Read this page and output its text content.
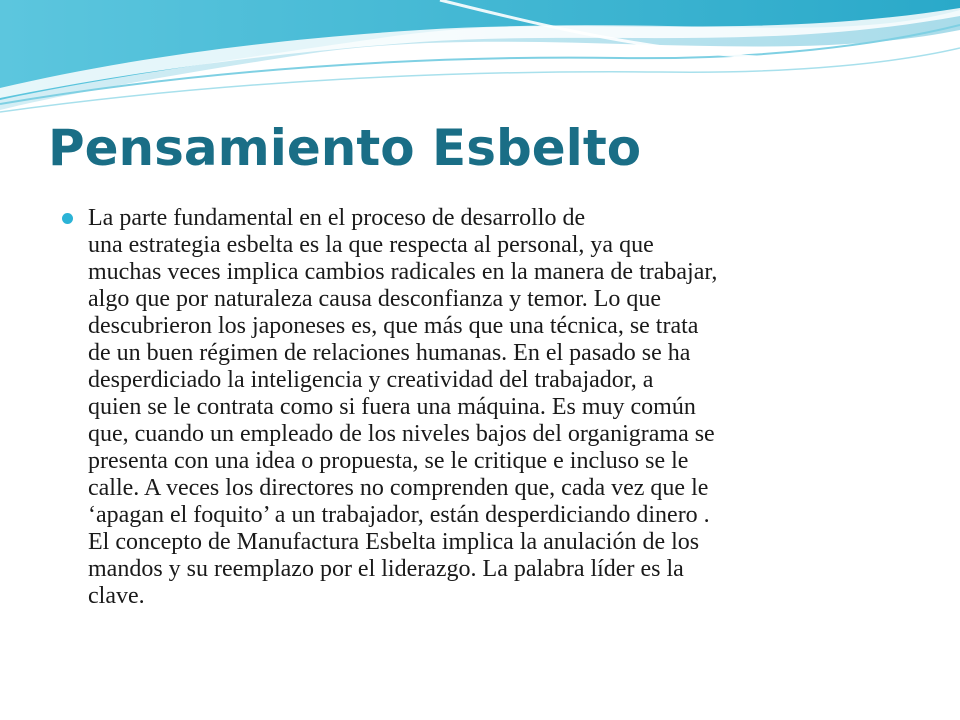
Pensamiento Esbelto
La parte fundamental en el proceso de desarrollo de
una estrategia esbelta es la que respecta al personal, ya que
muchas veces implica cambios radicales en la manera de trabajar,
algo que por naturaleza causa desconfianza y temor. Lo que
descubrieron los japoneses es, que más que una técnica, se trata
de un buen régimen de relaciones humanas. En el pasado se ha
desperdiciado la inteligencia y creatividad del trabajador, a
quien se le contrata como si fuera una máquina. Es muy común
que, cuando un empleado de los niveles bajos del organigrama se
presenta con una idea o propuesta, se le critique e incluso se le
calle. A veces los directores no comprenden que, cada vez que le
‘apagan el foquito’ a un trabajador, están desperdiciando dinero .
El concepto de Manufactura Esbelta implica la anulación de los
mandos y su reemplazo por el liderazgo. La palabra líder es la
clave.
